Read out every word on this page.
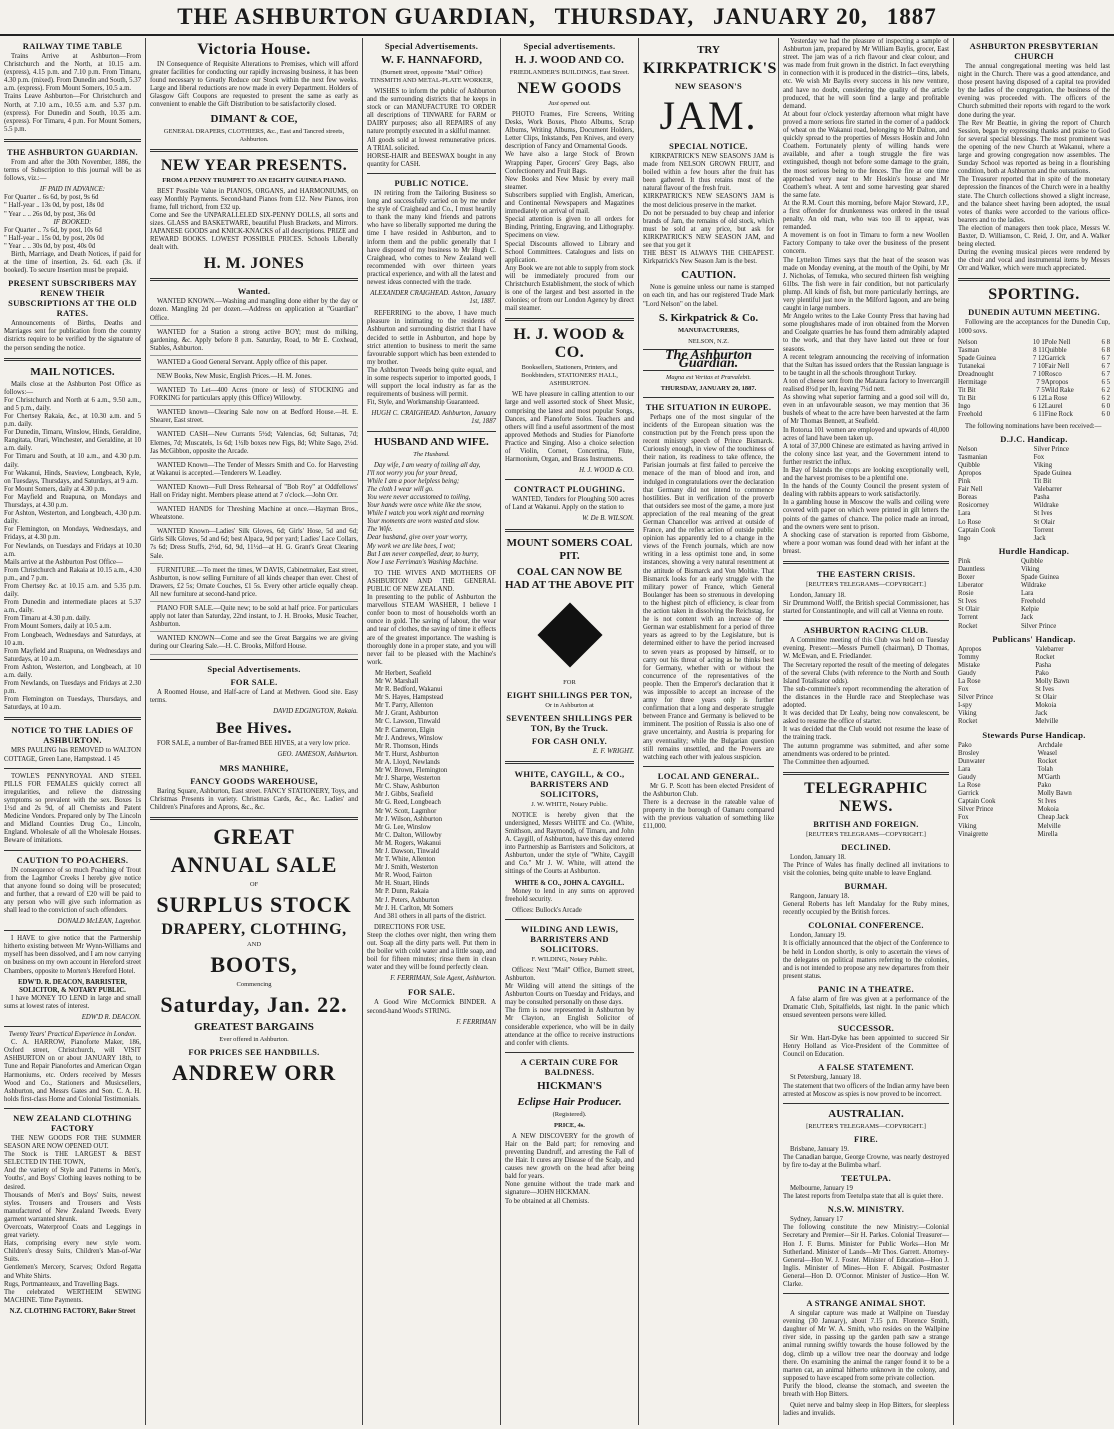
THE ASHBURTON GUARDIAN, THURSDAY, JANUARY 20, 1887
RAILWAY TIME TABLE

Trains Arrive at Ashburton—From Christchurch and the North, at 10.15 a.m. (express), 4.15 p.m. and 7.10 p.m. From Timaru, 4.30 p.m. (mixed). From Dunedin and South, 5.37 a.m. (express). From Mount Somers, 10.5 a.m.
Trains Leave Ashburton—For Christchurch and North, at 7.10 a.m., 10.55 a.m. and 5.37 p.m. (express). For Dunedin and South, 10.35 a.m. (express). For Timaru, 4 p.m. For Mount Somers, 5.5 p.m.

THE ASHBURTON GUARDIAN.

From and after the 30th November, 1886, the terms of Subscription to this journal will be as follows, viz.:—

IF PAID IN ADVANCE:
For Quarter .. 6s 6d, by post, 9s 6d
" Half-year .. 13s 0d, by post, 18s 0d
" Year .. .. 26s 0d, by post, 36s 0d
IF BOOKED:
For Quarter .. 7s 6d, by post, 10s 6d
" Half-year .. 15s 0d, by post, 20s 0d
" Year .. .. 30s 0d, by post, 40s 0d

Birth, Marriage, and Death Notices, if paid for at the time of insertion, 2s. 6d. each (3s. if booked). To secure Insertion must be prepaid.

PRESENT SUBSCRIBERS MAY RENEW THEIR SUBSCRIPTIONS AT THE OLD RATES.

Announcements of Births, Deaths and Marriages sent for publication from the country districts require to be verified by the signature of the person sending the notice.

MAIL NOTICES.

Mails close at the Ashburton Post Office as follows:—
For Christchurch and North at 6 a.m., 9.50 a.m., and 5 p.m., daily.
For Chertsey Rakaia, &c., at 10.30 a.m. and 5 p.m. daily.
For Dunedin, Timaru, Winslow, Hinds, Geraldine, Rangitata, Orari, Winchester, and Geraldine, at 10 a.m. daily.
For Timaru and South, at 10 a.m., and 4.30 p.m. daily.
For Wakanui, Hinds, Seaview, Longbeach, Kyle, on Tuesdays, Thursdays, and Saturdays, at 9 a.m.
For Mount Somers, daily at 4.30 p.m.
For Mayfield and Ruapuna, on Mondays and Thursdays, at 4.30 p.m.
For Ashton, Westerton, and Longbeach, 4.30 p.m. daily.
For Flemington, on Mondays, Wednesdays, and Fridays, at 4.30 p.m.
For Newlands, on Tuesdays and Fridays at 10.30 a.m.
Mails arrive at the Ashburton Post Office—
From Christchurch and Rakaia at 10.15 a.m., 4.30 p.m., and 7 p.m.
From Chertsey &c. at 10.15 a.m. and 5.35 p.m. daily.
From Dunedin and intermediate places at 5.37 a.m., daily.
From Timaru at 4.30 p.m. daily.
From Mount Somers, daily at 10.5 a.m.
From Longbeach, Wednesdays and Saturdays, at 10 a.m.
From Mayfield and Ruapuna, on Wednesdays and Saturdays, at 10 a.m.
From Ashton, Westerton, and Longbeach, at 10 a.m. daily.
From Newlands, on Tuesdays and Fridays at 2.30 p.m.
From Flemington on Tuesdays, Thursdays, and Saturdays, at 10 a.m.

NOTICE TO THE LADIES OF ASHBURTON.

MRS PAULING has REMOVED to WALTON COTTAGE, Green Lane, Hampstead. 1 45

TOWLE'S PENNYROYAL AND STEEL PILLS FOR FEMALES quickly correct all irregularities, and relieve the distressing symptoms so prevalent with the sex. Boxes 1s 1½d and 2s 9d, of all Chemists and Patent Medicine Vendors. Prepared only by The Lincoln and Midland Counties Drug Co., Lincoln, England. Wholesale of all the Wholesale Houses. Beware of imitations.

CAUTION TO POACHERS.

IN consequence of so much Poaching of Trout from the Lagmhor Creeks I hereby give notice that anyone found so doing will be prosecuted; and further, that a reward of £20 will be paid to any person who will give such information as shall lead to the conviction of such offenders.

DONALD McLEAN, Lagmhor.

I HAVE to give notice that the Partnership hitherto existing between Mr Wynn-Williams and myself has been dissolved, and I am now carrying on business on my own account in Hereford street Chambers, opposite to Morten's Hereford Hotel.

EDW'D. R. DEACON, BARRISTER, SOLICITOR, & NOTARY PUBLIC.

I have MONEY TO LEND in large and small sums at lowest rates of interest.

EDW'D R. DEACON.
Twenty Years' Practical Experience in London.

C. A. HARROW, Pianoforte Maker, 186, Oxford street, Christchurch, will VISIT ASHBURTON on or about JANUARY 18th, to Tune and Repair Pianofortes and American Organ Harmoniums, etc. Orders received by Messrs Wood and Co., Stationers and Musicsellers, Ashburton, and Messrs Gates and Son. C. A. H. holds first-class Home and Colonial Testimonials.

NEW ZEALAND CLOTHING FACTORY

THE NEW GOODS FOR THE SUMMER SEASON ARE NOW OPENED OUT.
The Stock is THE LARGEST & BEST SELECTED IN THE TOWN,
And the variety of Style and Patterns in Men's, Youths', and Boys' Clothing leaves nothing to be desired.
Thousands of Men's and Boys' Suits, newest styles. Trousers and Trousers and Vests manufactured of New Zealand Tweeds. Every garment warranted shrunk.
Overcoats, Waterproof Coats and Leggings in great variety.
Hats, comprising every new style worn. Children's dressy Suits, Children's Man-of-War Suits.
Gentlemen's Mercery, Scarves; Oxford Regatta and White Shirts.
Rugs, Portmanteaux, and Travelling Bags.
The celebrated WERTHEIM SEWING MACHINE. Time Payments.

N.Z. CLOTHING FACTORY, Baker Street
Victoria House.

IN Consequence of Requisite Alterations to Premises, which will afford greater facilities for conducting our rapidly increasing business, it has been found necessary to Greatly Reduce our Stock within the next few weeks. Large and liberal reductions are now made in every Department. Holders of Glasgow Gift Coupons are requested to present the same as early as convenient to enable the Gift Distribution to be satisfactorily closed.

DIMANT & COE,
GENERAL DRAPERS, CLOTHIERS, &c., East and Tancred streets, Ashburton.
NEW YEAR PRESENTS.
FROM A PENNY TRUMPET TO AN EIGHTY GUINEA PIANO.

BEST Possible Value in PIANOS, ORGANS, and HARMONIUMS, on easy Monthly Payments. Second-hand Pianos from £12. New Pianos, iron frame, full trichord, from £32 up.
Come and See the UNPARALLELED SIX-PENNY DOLLS, all sorts and sizes. GLASS and BASKETWARE, beautiful Plush Brackets, and Mirrors. JAPANESE GOODS and KNICK-KNACKS of all descriptions. PRIZE and REWARD BOOKS. LOWEST POSSIBLE PRICES. Schools Liberally dealt with.

H. M. JONES
Wanted.

WANTED KNOWN.—Washing and mangling done either by the day or dozen. Mangling 2d per dozen.—Address on application at "Guardian" Office.

WANTED for a Station a strong active BOY; must do milking, gardening, &c. Apply before 8 p.m. Saturday, Road, to Mr E. Coxhead, Stables, Ashburton.

WANTED a Good General Servant. Apply office of this paper.

NEW Books, New Music, English Prices.—H. M. Jones.

WANTED To Let—400 Acres (more or less) of STOCKING and FORKING for particulars apply (this Office) Willowby.

WANTED known—Clearing Sale now on at Bedford House.—H. E. Shearer, East street.

WANTED CASH—New Currants 5½d; Valencias, 6d; Sultanas, 7d; Elemes, 7d; Muscatels, 1s 6d; 1½lb boxes new Figs, 8d; White Sago, 2½d. Jas McGibbon, opposite the Arcade.

WANTED Known—The Tender of Messrs Smith and Co. for Harvesting at Wakanui is accepted.—Tenderers W. Leadley.

WANTED Known—Full Dress Rehearsal of "Bob Roy" at Oddfellows' Hall on Friday night. Members please attend at 7 o'clock.—John Orr.

WANTED HANDS for Threshing Machine at once.—Hayman Bros., Wheatstone.

WANTED Known—Ladies' Silk Gloves, 6d; Girls' Hose, 5d and 6d; Girls Silk Gloves, 5d and 6d; best Alpaca, 9d per yard; Ladies' Lace Collars, 7s 6d; Dress Stuffs, 2½d, 6d, 9d, 11½d—at H. G. Grant's Great Clearing Sale.

FURNITURE.—To meet the times, W DAVIS, Cabinetmaker, East street, Ashburton, is now selling Furniture of all kinds cheaper than ever. Chest of Drawers, £2 5s; Ornate Couches, £1 5s. Every other article equally cheap. All new furniture at second-hand price.

PIANO FOR SALE.—Quite new; to be sold at half price. For particulars apply not later than Saturday, 22nd instant, to J. H. Brooks, Music Teacher, Ashburton.

WANTED KNOWN—Come and see the Great Bargains we are giving during our Clearing Sale.—H. C. Brooks, Milford House.

Special Advertisements.
FOR SALE.

A Roomed House, and Half-acre of Land at Methven. Good site. Easy terms.

DAVID EDGINGTON, Rakaia.
Bee Hives.

FOR SALE, a number of Bar-framed BEE HIVES, at a very low price.

GEO. JAMESON, Ashburton.
MRS MANHIRE,
FANCY GOODS WAREHOUSE,

Baring Square, Ashburton, East street. FANCY STATIONERY, Toys, and Christmas Presents in variety. Christmas Cards, &c., &c. Ladies' and Children's Pinafores and Aprons, &c., &c.

GREAT
ANNUAL SALE
OF
SURPLUS STOCK
DRAPERY, CLOTHING,
AND
BOOTS,
Commencing
Saturday, Jan. 22.
GREATEST BARGAINS
Ever offered in Ashburton.
FOR PRICES SEE HANDBILLS.
ANDREW ORR
Special Advertisements.
W. F. HANNAFORD,
(Burnett street, opposite "Mail" Office) TINSMITH AND METAL-PLATE WORKER,

WISHES to inform the public of Ashburton and the surrounding districts that he keeps in stock or can MANUFACTURE TO ORDER all descriptions of TINWARE for FARM or DAIRY purposes; also all REPAIRS of any nature promptly executed in a skilful manner.
All goods sold at lowest remunerative prices. A TRIAL solicited.
HORSE-HAIR and BEESWAX bought in any quantity for CASH.

PUBLIC NOTICE.

IN retiring from the Tailoring Business so long and successfully carried on by me under the style of Craighead and Co., I must heartily to thank the many kind friends and patrons who have so liberally supported me during the time I have resided in Ashburton, and to inform them and the public generally that I have disposed of my business to Mr Hugh C. Craighead, who comes to New Zealand well recommended with over thirteen years practical experience, and with all the latest and newest ideas connected with the trade.

ALEXANDER CRAIGHEAD. Ashton, January 1st, 1887.

REFERRING to the above, I have much pleasure in intimating to the residents of Ashburton and surrounding district that I have decided to settle in Ashburton, and hope by strict attention to business to merit the same favourable support which has been extended to my brother.
The Ashburton Tweeds being quite equal, and in some respects superior to imported goods, I will support the local industry as far as the requirements of business will permit.
Fit, Style, and Workmanship Guaranteed.

HUGH C. CRAIGHEAD. Ashburton, January 1st, 1887
HUSBAND AND WIFE.
The Husband.

Day wife, I am weary of toiling all day,
I'll not worry you for your bread,
While I am a poor helpless being;
The cloth I wear will go.
You were never accustomed to toiling,
Your hands were once white like the snow,
While I watch you work night and morning
Your moments are worn wasted and slow.
The Wife.
Dear husband, give over your worry,
My work we are like bees, I wot;
But I am never compelled, dear, to hurry,
Now I use Ferriman's Washing Machine.

TO THE WIVES AND MOTHERS OF ASHBURTON AND THE GENERAL PUBLIC OF NEW ZEALAND.
In presenting to the public of Ashburton the marvellous STEAM WASHER, I believe I confer boon to most of households worth an ounce in gold. The saving of labour, the wear and tear of clothes, the saving of time it effects are of the greatest importance. The washing is thoroughly done in a proper state, and you will never fail to be pleased with the Machine's work.

Mr Herbert, Seafield
Mr W. Marshall
Mr R. Bedford, Wakanui
Mr S. Hayes, Hampstead
Mr T. Parry, Allenton
Mr J. Grant, Ashburton
Mr C. Lawson, Tinwald
Mr P. Cameron, Elgin
Mr J. Andrews, Winslow
Mr R. Thomson, Hinds
Mr T. Hurst, Ashburton
Mr A. Lloyd, Newlands
Mr W. Brown, Flemington
Mr J. Sharpe, Westerton
Mr C. Shaw, Ashburton
Mr J. Gibbs, Seafield
Mr G. Reed, Longbeach
Mr W. Scott, Lagmhor
Mr J. Wilson, Ashburton
Mr G. Lee, Winslow
Mr C. Dalton, Willowby
Mr M. Rogers, Wakanui
Mr J. Dawson, Tinwald
Mr T. White, Allenton
Mr J. Smith, Westerton
Mr R. Wood, Fairton
Mr H. Stuart, Hinds
Mr P. Dunn, Rakaia
Mr J. Peters, Ashburton
Mr J. H. Carlton, Mt Somers

And 381 others in all parts of the district.

DIRECTIONS FOR USE.
Steep the clothes over night, then wring them out. Soap all the dirty parts well. Put them in the boiler with cold water and a little soap, and boil for fifteen minutes; rinse them in clean water and they will be found perfectly clean.

F. FERRIMAN, Sole Agent, Ashburton.
FOR SALE.

A Good Wire McCormick BINDER. A second-hand Wood's STRING.

F. FERRIMAN
Special advertisements.
H. J. WOOD AND CO.
FRIEDLANDER'S BUILDINGS, East Street.
NEW GOODS
Just opened out.

PHOTO Frames, Fire Screens, Writing Desks, Work Boxes, Photo Albums, Scrap Albums, Writing Albums, Document Holders, Letter Clips, Inkstands, Pen Knives, and every description of Fancy and Ornamental Goods.
We have also a large Stock of Brown Wrapping Paper, Grocers' Grey Bags, also Confectionery and Fruit Bags.
New Books and New Music by every mail steamer.
Subscribers supplied with English, American, and Continental Newspapers and Magazines immediately on arrival of mail.
Special attention is given to all orders for Binding, Printing, Engraving, and Lithography. Specimens on view.
Special Discounts allowed to Library and School Committees. Catalogues and lists on application.
Any Book we are not able to supply from stock will be immediately procured from our Christchurch Establishment, the stock of which is one of the largest and best assorted in the colonies; or from our London Agency by direct mail steamer.

H. J. WOOD & CO.
Booksellers, Stationers, Printers, and Bookbinders, STATIONERS' HALL, ASHBURTON.

WE have pleasure in calling attention to our large and well assorted stock of Sheet Music, comprising the latest and most popular Songs, Dances, and Pianoforte Solos. Teachers and others will find a useful assortment of the most approved Methods and Studies for Pianoforte Practice and Singing. Also a choice selection of Violin, Cornet, Concertina, Flute, Harmonium, Organ, and Brass Instruments.

H. J. WOOD & CO.
CONTRACT PLOUGHING.

WANTED, Tenders for Ploughing 500 acres of Land at Wakanui. Apply on the station to

W. De B. WILSON.
MOUNT SOMERS COAL PIT.
COAL CAN NOW BE HAD AT THE ABOVE PIT
FOR
EIGHT SHILLINGS PER TON,
Or in Ashburton at
SEVENTEEN SHILLINGS PER TON, By the Truck.
FOR CASH ONLY.
E. F. WRIGHT.
WHITE, CAYGILL, & CO., BARRISTERS AND SOLICITORS,
J. W. WHITE, Notary Public.

NOTICE is hereby given that the undersigned, Messrs WHITE and Co. (White, Smithson, and Raymond), of Timaru, and John A. Caygill, of Ashburton, have this day entered into Partnership as Barristers and Solicitors, at Ashburton, under the style of "White, Caygill and Co." Mr J. W. White, will attend the sittings of the Courts at Ashburton.

WHITE & CO., JOHN A. CAYGILL.

Money to lend in any sums on approved freehold security.

Offices: Bullock's Arcade

WILDING AND LEWIS, BARRISTERS AND SOLICITORS.
F. WILDING, Notary Public.

Offices: Next "Mail" Office, Burnett street, Ashburton.
Mr Wilding will attend the sittings of the Ashburton Courts on Tuesday and Fridays, and may be consulted personally on those days.
The firm is now represented in Ashburton by Mr Clayton, an English Solicitor of considerable experience, who will be in daily attendance at the office to receive instructions and confer with clients.

A CERTAIN CURE FOR BALDNESS.
HICKMAN'S
Eclipse Hair Producer.
(Registered).
PRICE, 4s.

A NEW DISCOVERY for the growth of Hair on the Bald part; for removing and preventing Dandruff, and arresting the Fall of the Hair. It cures any Disease of the Scalp, and causes new growth on the head after being bald for years.
None genuine without the trade mark and signature—JOHN HICKMAN.
To be obtained at all Chemists.

TRY
KIRKPATRICK'S
NEW SEASON'S
JAM.
SPECIAL NOTICE.

KIRKPATRICK'S NEW SEASON'S JAM is made from NELSON GROWN FRUIT, and boiled within a few hours after the fruit has been gathered. It thus retains most of the natural flavour of the fresh fruit.
KIRKPATRICK'S NEW SEASON'S JAM is the most delicious preserve in the market.
Do not be persuaded to buy cheap and inferior brands of Jam, the remains of old stock, which must be sold at any price, but ask for KIRKPATRICK'S NEW SEASON JAM, and see that you get it
THE BEST IS ALWAYS THE CHEAPEST. Kirkpatrick's New Season Jam is the best.

CAUTION.

None is genuine unless our name is stamped on each tin, and has our registered Trade Mark "Lord Nelson" on the label.

S. Kirkpatrick & Co.
MANUFACTURERS,
NELSON, N.Z.
The Ashburton Guardian.
Magna est Veritas et Prævalebit.
THURSDAY, JANUARY 20, 1887.
THE SITUATION IN EUROPE.

Perhaps one of the most singular of the incidents of the European situation was the construction put by the French press upon the recent ministry speech of Prince Bismarck. Curiously enough, in view of the touchiness of their nation, its readiness to take offence, the Parisian journals at first failed to perceive the menace of the man of blood and iron, and indulged in congratulations over the declaration that Germany did not intend to commence hostilities. But in verification of the proverb that outsiders see most of the game, a more just appreciation of the real meaning of the great German Chancellor was arrived at outside of France, and the reflex action of outside public opinion has apparently led to a change in the views of the French journals, which are now writing in a less optimist tone and, in some instances, showing a very natural resentment at the attitude of Bismarck and Von Moltke. That Bismarck looks for an early struggle with the military power of France, which General Boulanger has been so strenuous in developing to the highest pitch of efficiency, is clear from the action taken in dissolving the Reichstag, for he is not content with an increase of the German war establishment for a period of three years as agreed to by the Legislature, but is determined either to have the period increased to seven years as proposed by himself, or to carry out his threat of acting as he thinks best for Germany, whether with or without the concurrence of the representatives of the people. Then the Emperor's declaration that it was impossible to accept an increase of the army for three years only is further confirmation that a long and desperate struggle between France and Germany is believed to be imminent. The position of Russia is also one of grave uncertainty, and Austria is preparing for any eventuality; while the Bulgarian question still remains unsettled, and the Powers are watching each other with jealous suspicion.

LOCAL AND GENERAL.

Mr G. P. Scott has been elected President of the Ashburton Club.
There is a decrease in the rateable value of property in the borough of Oamaru compared with the previous valuation of something like £11,000.

Yesterday we had the pleasure of inspecting a sample of Ashburton jam, prepared by Mr William Baylis, grocer, East street. The jam was of a rich flavour and clear colour, and was made from fruit grown in the district. In fact everything in connection with it is produced in the district—tins, labels, etc. We wish Mr Baylis every success in his new venture, and have no doubt, considering the quality of the article produced, that he will soon find a large and profitable demand.
At about four o'clock yesterday afternoon what might have proved a more serious fire started in the corner of a paddock of wheat on the Wakanui road, belonging to Mr Dalton, and quickly spread to the properties of Messrs Hoskin and John Coathem. Fortunately plenty of willing hands were available, and after a tough struggle the fire was extinguished, though not before some damage to the grain, the most serious being to the fences. The fire at one time approached very near to Mr Hoskin's house and Mr Coathem's wheat. A tent and some harvesting gear shared the same fate.
At the R.M. Court this morning, before Major Steward, J.P., a first offender for drunkenness was ordered in the usual penalty. An old man, who was too ill to appear, was remanded.
A movement is on foot in Timaru to form a new Woollen Factory Company to take over the business of the present concern.
The Lyttelton Times says that the heat of the season was made on Monday evening, at the mouth of the Opihi, by Mr J. Nicholas, of Temuka, who secured thirteen fish weighing 61lbs. The fish were in fair condition, but not particularly plump. All kinds of fish, but more particularly herrings, are very plentiful just now in the Milford lagoon, and are being caught in large numbers.
Mr Angelo writes to the Lake County Press that having had some ploughshares made of iron obtained from the Morven and Coalgate quarries he has found them admirably adapted to the work, and that they have lasted out three or four seasons.
A recent telegram announcing the receiving of information that the Sultan has issued orders that the Russian language is to be taught in all the schools throughout Turkey.
A ton of cheese sent from the Mataura factory to Invercargill realised 8½d per lb, leaving 7¼d nett.
As showing what superior farming and a good soil will do, even in an unfavourable season, we may mention that 36 bushels of wheat to the acre have been harvested at the farm of Mr Thomas Bennett, at Seafield.
In Rotorua 101 women are employed and upwards of 40,000 acres of land have been taken up.
A total of 37,000 Chinese are estimated as having arrived in the colony since last year, and the Government intend to further restrict the influx.
In Bay of Islands the crops are looking exceptionally well, and the harvest promises to be a plentiful one.
In the hands of the County Council the present system of dealing with rabbits appears to work satisfactorily.
In a gambling house in Moscow the walls and ceiling were covered with paper on which were printed in gilt letters the points of the games of chance. The police made an inroad, and the owners were sent to prison.
A shocking case of starvation is reported from Gisborne, where a poor woman was found dead with her infant at the breast.

THE EASTERN CRISIS.
[REUTER'S TELEGRAMS—COPYRIGHT.]

London, January 18.
Sir Drummond Wolff, the British special Commissioner, has started for Constantinople, and will call at Vienna en route.

ASHBURTON RACING CLUB.

A Committee meeting of this Club was held on Tuesday evening. Present:—Messrs Purnell (chairman), D Thomas, W. McEwan, and E. Friedlander.
The Secretary reported the result of the meeting of delegates of the several Clubs (with reference to the North and South Island Totalisator odds).
The sub-committee's report recommending the alteration of the distances in the Hurdle race and Steeplechase was adopted.
It was decided that Dr Leahy, being now convalescent, be asked to resume the office of starter.
It was decided that the Club would not resume the lease of the training track.
The autumn programme was submitted, and after some amendments was ordered to be printed.
The Committee then adjourned.

TELEGRAPHIC NEWS.
BRITISH AND FOREIGN.
[REUTER'S TELEGRAMS—COPYRIGHT.]
DECLINED.

London, January 18.
The Prince of Wales has finally declined all invitations to visit the colonies, being quite unable to leave England.

BURMAH.

Rangoon, January 18.
General Roberts has left Mandalay for the Ruby mines, recently occupied by the British forces.

COLONIAL CONFERENCE.

London, January 19.
It is officially announced that the object of the Conference to be held in London shortly, is only to ascertain the views of the delegates on political matters referring to the colonies, and is not intended to propose any new departures from their present status.

PANIC IN A THEATRE.

A false alarm of fire was given at a performance of the Dramatic Club, Spitalfields, last night. In the panic which ensued seventeen persons were killed.

SUCCESSOR.

Sir Wm. Hart-Dyke has been appointed to succeed Sir Henry Holland as Vice-President of the Committee of Council on Education.

A FALSE STATEMENT.

St Petersburg, January 18.
The statement that two officers of the Indian army have been arrested at Moscow as spies is now proved to be incorrect.

AUSTRALIAN.
[REUTER'S TELEGRAMS—COPYRIGHT.]
FIRE.

Brisbane, January 19.
The Canadian barque, George Crowne, was nearly destroyed by fire to-day at the Bulimba wharf.

TEETULPA.

Melbourne, January 19
The latest reports from Teetulpa state that all is quiet there.

N.S.W. MINISTRY.

Sydney, January 17
The following constitute the new Ministry:—Colonial Secretary and Premier—Sir H. Parkes. Colonial Treasurer—Hon J. F. Burns. Minister for Public Works—Hon Mr Sutherland. Minister of Lands—Mr Thos. Garrett. Attorney-General—Hon W. J. Foster. Minister of Education—Hon J. Inglis. Minister of Mines—Hon F. Abigail. Postmaster General—Hon D. O'Connor. Minister of Justice—Hon W. Clarke.

A STRANGE ANIMAL SHOT.

A singular capture was made at Wallpine on Tuesday evening (30 January), about 7.15 p.m. Florence Smith, daughter of Mr W. A. Smith, who resides on the Wallpine river side, in passing up the garden path saw a strange animal running swiftly towards the house followed by the dog, climb up a willow tree near the doorway and lodge there. On examining the animal the ranger found it to be a marten cat, an animal hitherto unknown in the colony, and supposed to have escaped from some private collection.
Purify the blood, cleanse the stomach, and sweeten the breath with Hop Bitters.

Quiet nerve and balmy sleep in Hop Bitters, for sleepless ladies and invalids.

ASHBURTON PRESBYTERIAN CHURCH

The annual congregational meeting was held last night in the Church. There was a good attendance, and those present having disposed of a capital tea provided by the ladies of the congregation, the business of the evening was proceeded with. The officers of the Church submitted their reports with regard to the work done during the year.
The Rev Mr Beattie, in giving the report of Church Session, began by expressing thanks and praise to God for several special blessings. The most prominent was the opening of the new Church at Wakanui, where a large and growing congregation now assembles. The Sunday School was reported as being in a flourishing condition, both at Ashburton and the outstations.
The Treasurer reported that in spite of the monetary depression the finances of the Church were in a healthy state. The Church collections showed a slight increase, and the balance sheet having been adopted, the usual votes of thanks were accorded to the various office-bearers and to the ladies.
The election of managers then took place, Messrs W. Baxter, D. Williamson, C. Reid, J. Orr, and A. Walker being elected.
During the evening musical pieces were rendered by the choir and vocal and instrumental items by Messrs Orr and Walker, which were much appreciated.

SPORTING.
DUNEDIN AUTUMN MEETING.

Following are the acceptances for the Dunedin Cup, 1000 sovs.

Nelson	10 1	Pole Nell	6 8
Tasman	8 11	Quibble	6 8
Spade Guinea	7 12	Garrick	6 7
Tutanekai	7 10	Fair Nell	6 7
Dreadnought	7 10	Rosco	6 7
Hermitage	7 9	Apropos	6 5
Tit Bit	7 5	Wild Rake	6 2
Tit Bit	6 12	La Rose	6 2
Ingo	6 12	Laurel	6 0
Freehold	6 11	Fine Rock	6 0

The following nominations have been received:—

D.J.C. Handicap.
Nelson	Silver Prince
Tasmanian	Fox
Quibble	Viking
Apropos	Spade Guinea
Pink	Tit Bit
Fair Nell	Valebarrer
Boreas	Pasha
Rosicorney	Wildrake
Lara	St Ives
Lo Rose	St Olair
Captain Cook	Torrent
Ingo	Jack
Hurdle Handicap.
Pink	Quibble
Dauntless	Viking
Boxer	Spade Guinea
Liberator	Wildrake
Rosie	Lara
St Ives	Freehold
St Olair	Kelpie
Torrent	Jack
Rocket	Silver Prince
Publicans' Handicap.
Apropos	Valebarrer
Tommy	Rocket
Mistake	Pasha
Gaudy	Pako
La Rose	Molly Bawn
Fox	St Ives
Silver Prince	St Olair
I-spy	Mokoia
Viking	Jack
Rocket	Melville
Stewards Purse Handicap.
Pako	Archdale
Brosley	Weasel
Dunwater	Rocket
Lara	Tolah
Gaudy	M'Garth
La Rose	Pako
Garrick	Molly Bawn
Captain Cook	St Ives
Silver Prince	Mokoia
Fox	Cheap Jack
Viking	Melville
Vinaigrette	Mirella
